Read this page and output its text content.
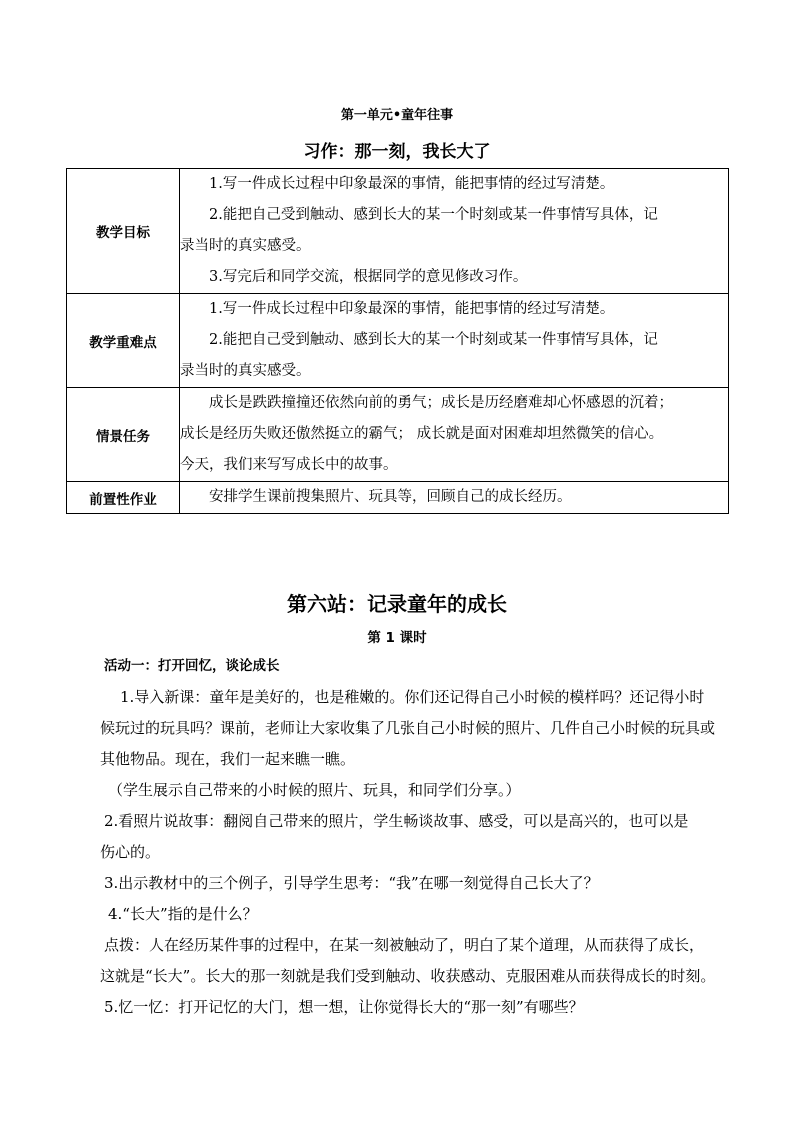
第一单元•童年往事
习作：那一刻，我长大了
教学目标	1.写一件成长过程中印象最深的事情，能把事情的经过写清楚。

2.能把自己受到触动、感到长大的某一个时刻或某一件事情写具体，记

录当时的真实感受。

3.写完后和同学交流，根据同学的意见修改习作。

教学重难点	1.写一件成长过程中印象最深的事情，能把事情的经过写清楚。

2.能把自己受到触动、感到长大的某一个时刻或某一件事情写具体，记

录当时的真实感受。

情景任务	成长是跌跌撞撞还依然向前的勇气；成长是历经磨难却心怀感恩的沉着；

成长是经历失败还傲然挺立的霸气； 成长就是面对困难却坦然微笑的信心。

今天，我们来写写成长中的故事。

前置性作业	安排学生课前搜集照片、玩具等，回顾自己的成长经历。

第六站：记录童年的成长
第 1 课时

活动一：打开回忆，谈论成长

1.导入新课：童年是美好的，也是稚嫩的。你们还记得自己小时候的模样吗？还记得小时

候玩过的玩具吗？课前，老师让大家收集了几张自己小时候的照片、几件自己小时候的玩具或

其他物品。现在，我们一起来瞧一瞧。

（学生展示自己带来的小时候的照片、玩具，和同学们分享。）

2.看照片说故事：翻阅自己带来的照片，学生畅谈故事、感受，可以是高兴的，也可以是

伤心的。

3.出示教材中的三个例子，引导学生思考：“我”在哪一刻觉得自己长大了？

4.“长大”指的是什么？

点拨：人在经历某件事的过程中，在某一刻被触动了，明白了某个道理，从而获得了成长，

这就是“长大”。长大的那一刻就是我们受到触动、收获感动、克服困难从而获得成长的时刻。

5.忆一忆：打开记忆的大门，想一想，让你觉得长大的“那一刻”有哪些？
